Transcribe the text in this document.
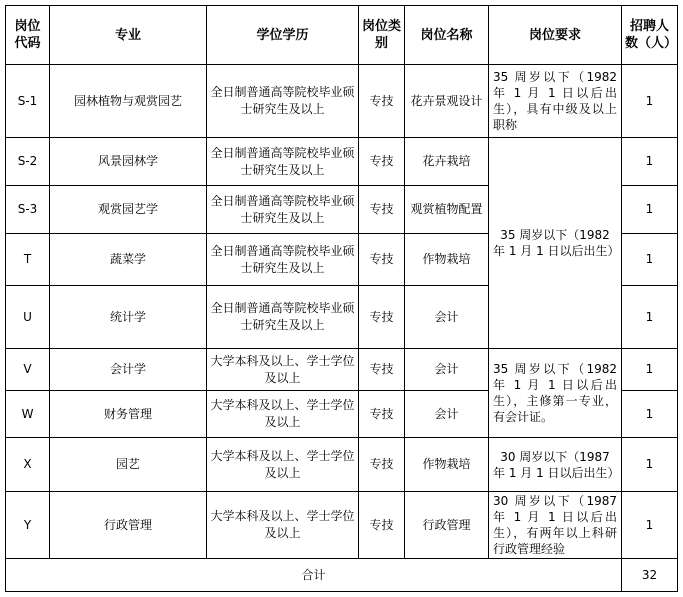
岗位代码	专业	学位学历	岗位类别	岗位名称	岗位要求	招聘人数（人）
S-1	园林植物与观赏园艺	全日制普通高等院校毕业硕士研究生及以上	专技	花卉景观设计	35 周岁以下（1982 年 1 月 1 日以后出生），具有中级及以上职称	1
S-2	风景园林学	全日制普通高等院校毕业硕士研究生及以上	专技	花卉栽培	35 周岁以下（1982 年 1 月 1 日以后出生）	1
S-3	观赏园艺学	全日制普通高等院校毕业硕士研究生及以上	专技	观赏植物配置		1
T	蔬菜学	全日制普通高等院校毕业硕士研究生及以上	专技	作物栽培		1
U	统计学	全日制普通高等院校毕业硕士研究生及以上	专技	会计		1
V	会计学	大学本科及以上、学士学位及以上	专技	会计	35 周岁以下（1982 年 1 月 1 日以后出生），主修第一专业，有会计证。	1
W	财务管理	大学本科及以上、学士学位及以上	专技	会计		1
X	园艺	大学本科及以上、学士学位及以上	专技	作物栽培	30 周岁以下（1987 年 1 月 1 日以后出生）	1
Y	行政管理	大学本科及以上、学士学位及以上	专技	行政管理	30 周岁以下（1987 年 1 月 1 日以后出生），有两年以上科研行政管理经验	1
合计						32
